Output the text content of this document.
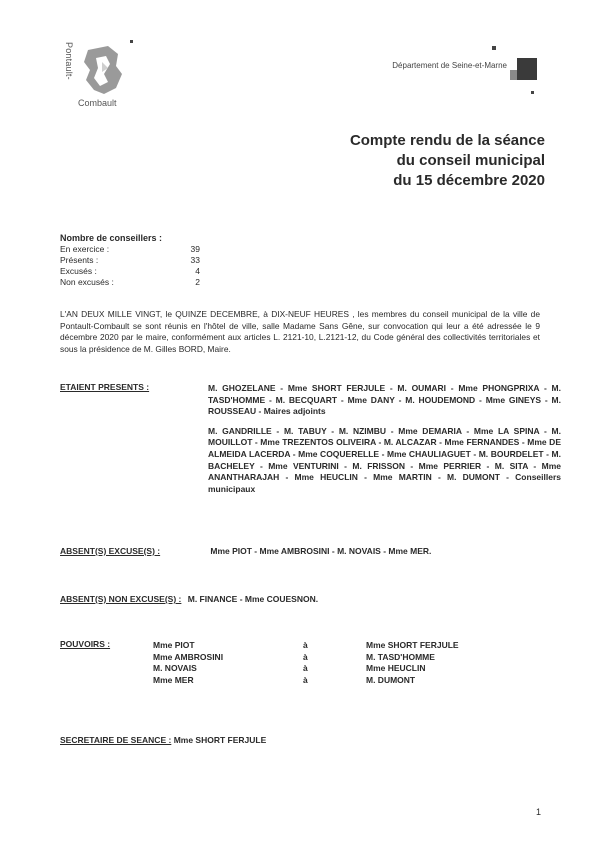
Pontault-
Combault
Département de Seine-et-Marne
Compte rendu de la séance
du conseil municipal
du 15 décembre 2020
Nombre de conseillers :
En exercice :	39
Présents :	33
Excusés :	4
Non excusés :	2
L'AN DEUX MILLE VINGT, le QUINZE DECEMBRE, à DIX-NEUF HEURES , les membres du conseil municipal de la ville de Pontault-Combault se sont réunis en l'hôtel de ville, salle Madame Sans Gêne, sur convocation qui leur a été adressée le 9 décembre 2020 par le maire, conformément aux articles L. 2121-10, L.2121-12, du Code général des collectivités territoriales et sous la présidence de M. Gilles BORD, Maire.
ETAIENT PRESENTS :	M. GHOZELANE - Mme SHORT FERJULE - M. OUMARI - Mme PHONGPRIXA - M. TASD'HOMME - M. BECQUART - Mme DANY - M. HOUDEMOND - Mme GINEYS - M. ROUSSEAU - Maires adjoints

M. GANDRILLE - M. TABUY - M. NZIMBU - Mme DEMARIA - Mme LA SPINA - M. MOUILLOT - Mme TREZENTOS OLIVEIRA - M. ALCAZAR - Mme FERNANDES - Mme DE ALMEIDA LACERDA - Mme COQUERELLE - Mme CHAULIAGUET - M. BOURDELET - M. BACHELEY - Mme VENTURINI - M. FRISSON - Mme PERRIER - M. SITA - Mme ANANTHARAJAH - Mme HEUCLIN - Mme MARTIN - M. DUMONT - Conseillers municipaux

ABSENT(S) EXCUSE(S) :	Mme PIOT - Mme AMBROSINI - M. NOVAIS - Mme MER.
ABSENT(S) NON EXCUSE(S) : M. FINANCE - Mme COUESNON.
POUVOIRS :	Mme PIOT	à	Mme SHORT FERJULE
Mme AMBROSINI	à	M. TASD'HOMME
M. NOVAIS	à	Mme HEUCLIN
Mme MER	à	M. DUMONT
SECRETAIRE DE SEANCE : Mme SHORT FERJULE
1
